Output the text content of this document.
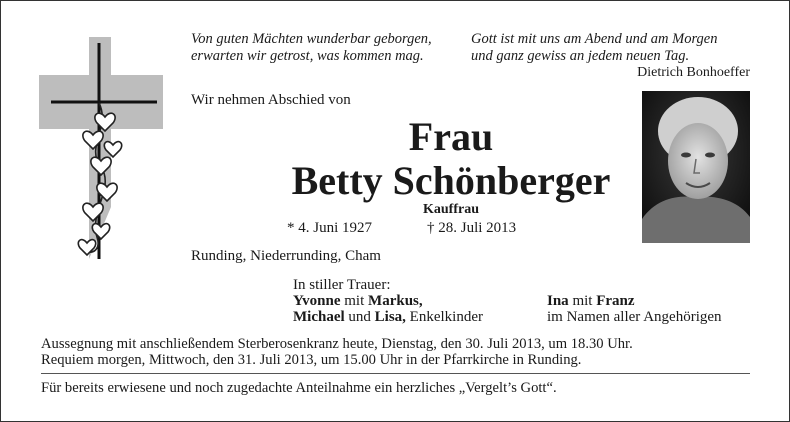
Von guten Mächten wunderbar geborgen,
erwarten wir getrost, was kommen mag.
Gott ist mit uns am Abend und am Morgen
und ganz gewiss an jedem neuen Tag.
Dietrich Bonhoeffer
Wir nehmen Abschied von
Frau
Betty Schönberger
Kauffrau
* 4. Juni 1927	† 28. Juli 2013
Runding, Niederrunding, Cham
In stiller Trauer:
Yvonne mit Markus,
Michael und Lisa, Enkelkinder
Ina mit Franz
im Namen aller Angehörigen
Aussegnung mit anschließendem Sterberosenkranz heute, Dienstag, den 30. Juli 2013, um 18.30 Uhr.
Requiem morgen, Mittwoch, den 31. Juli 2013, um 15.00 Uhr in der Pfarrkirche in Runding.
Für bereits erwiesene und noch zugedachte Anteilnahme ein herzliches „Vergelt’s Gott“.
